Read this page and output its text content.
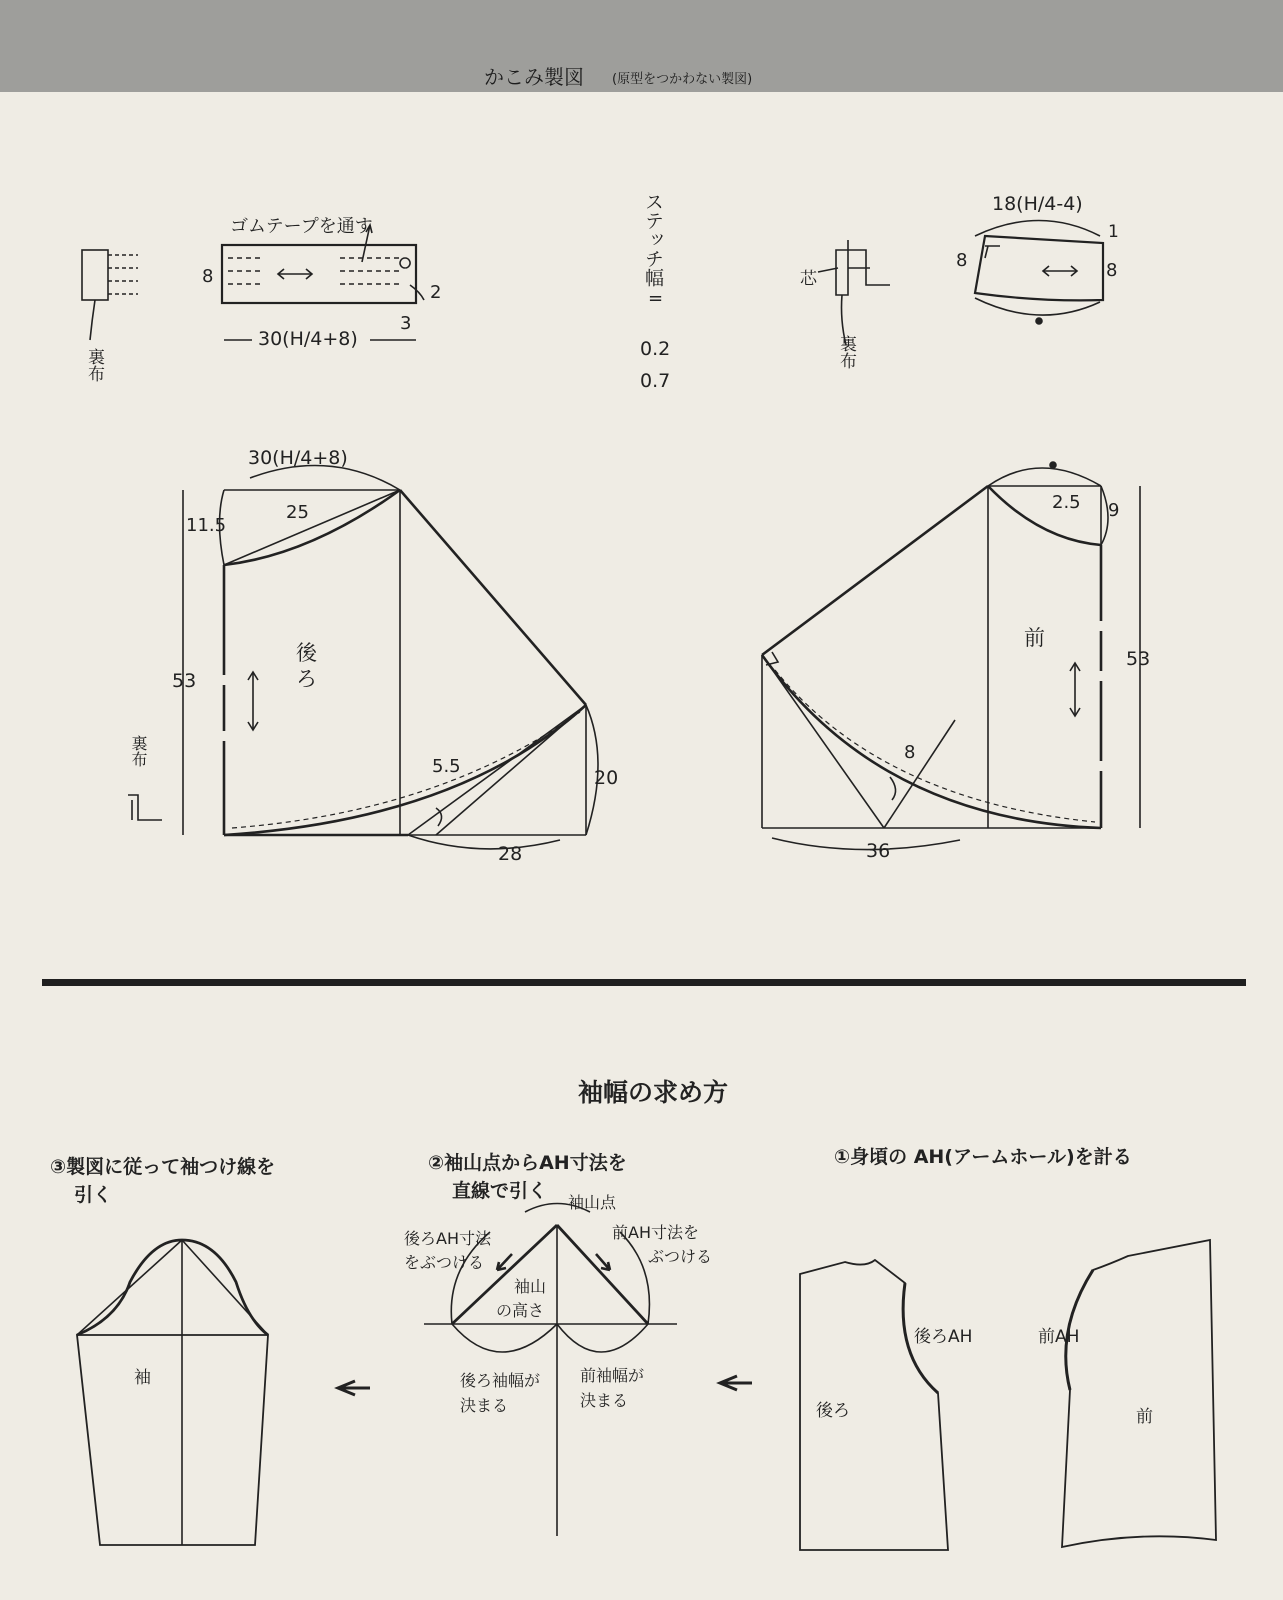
かこみ製図 (原型をつかわない製図)
裏布
ゴムテープを通す
8
30(H/4+8)
2
3
ステッチ幅
=
0.2
0.7
芯
裏布
18(H/4-4)
1
8	8
後ろ
30(H/4+8)
11.5
25
53
5.5
20
28
裏布
前
2.5 9
53
8
36
袖幅の求め方
③製図に従って袖つけ線を
引く
袖
②袖山点からAH寸法を
直線で引く
袖山点
後ろAH寸法
をぶつける
前AH寸法を
ぶつける
袖山
の高さ
後ろ袖幅が
決まる
前袖幅が
決まる
①身頃の AH(アームホール)を計る
後ろ
後ろAH
前
前AH
